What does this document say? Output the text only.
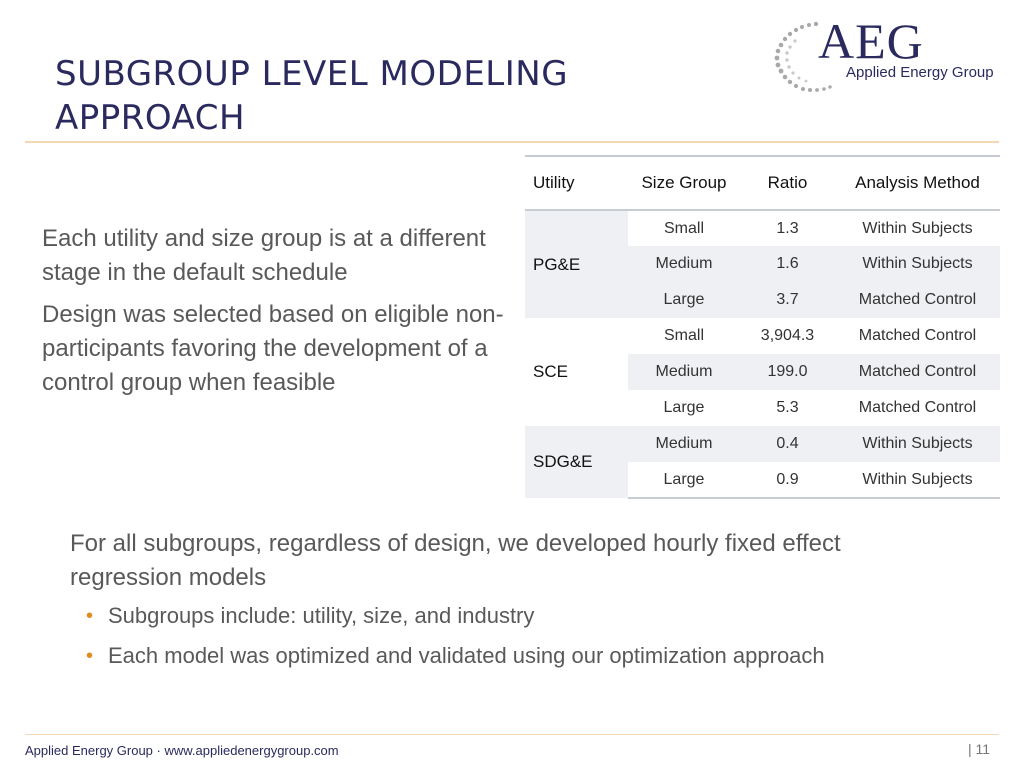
SUBGROUP LEVEL MODELING
APPROACH
AEG
Applied Energy Group

Each utility and size group is at a different stage in the default schedule

Design was selected based on eligible non-participants favoring the development of a control group when feasible

Utility	Size Group	Ratio	Analysis Method
PG&E	Small	1.3	Within Subjects
	Medium	1.6	Within Subjects
	Large	3.7	Matched Control
SCE	Small	3,904.3	Matched Control
	Medium	199.0	Matched Control
	Large	5.3	Matched Control
SDG&E	Medium	0.4	Within Subjects
	Large	0.9	Within Subjects

For all subgroups, regardless of design, we developed hourly fixed effect regression models

• Subgroups include: utility, size, and industry
• Each model was optimized and validated using our optimization approach
Applied Energy Group · www.appliedenergygroup.com	| 11
